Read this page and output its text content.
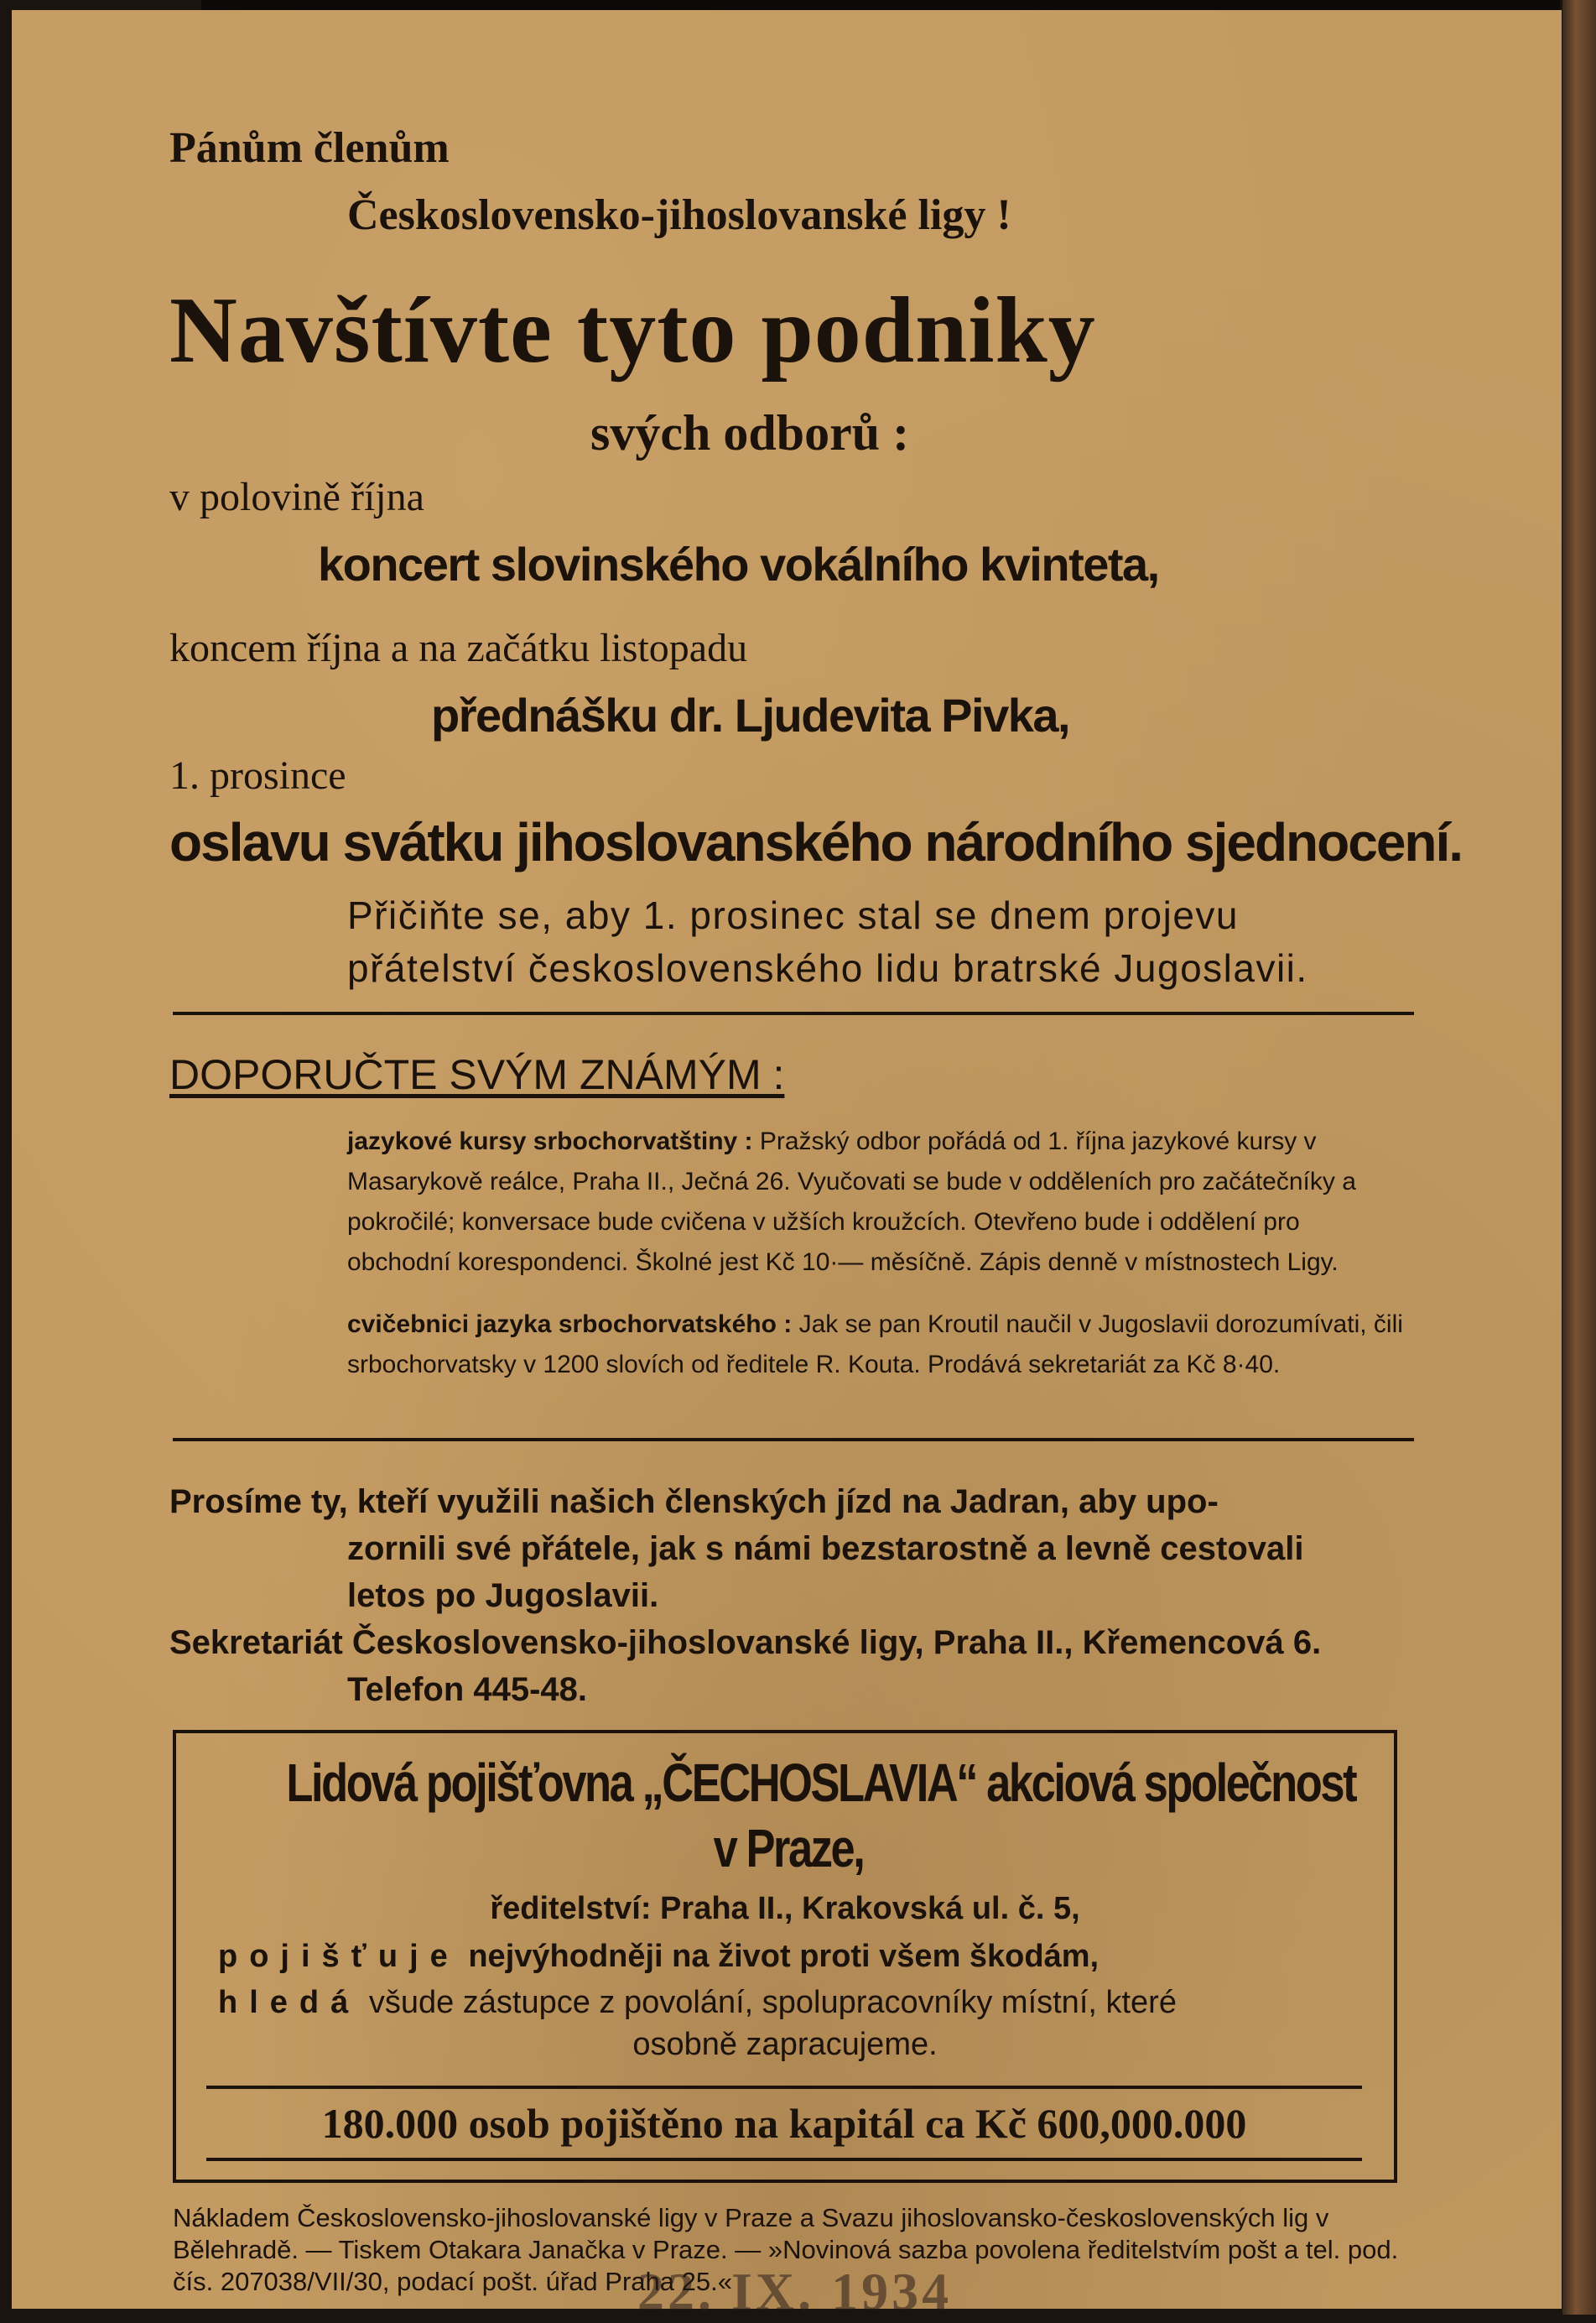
Pánům členům
Československo-jihoslovanské ligy !
Navštívte tyto podniky
svých odborů :
v polovině října
koncert slovinského vokálního kvinteta,
koncem října a na začátku listopadu
přednášku dr. Ljudevita Pivka,
1. prosince
oslavu svátku jihoslovanského národního sjednocení.
Přičiňte se, aby 1. prosinec stal se dnem projevu
přátelství československého lidu bratrské Jugoslavii.
DOPORUČTE SVÝM ZNÁMÝM :
jazykové kursy srbochorvatštiny : Pražský odbor pořádá od 1. října jazykové kursy v Masarykově reálce, Praha II., Ječná 26. Vyučovati se bude v odděleních pro začátečníky a pokročilé; konversace bude cvičena v užších kroužcích. Otevřeno bude i oddělení pro obchodní korespondenci. Školné jest Kč 10·— měsíčně. Zápis denně v místnostech Ligy.
cvičebnici jazyka srbochorvatského : Jak se pan Kroutil naučil v Jugoslavii dorozumívati, čili srbochorvatsky v 1200 slovích od ředitele R. Kouta. Prodává sekretariát za Kč 8·40.
Prosíme ty, kteří využili našich členských jízd na Jadran, aby upo-
zornili své přátele, jak s námi bezstarostně a levně cestovali
letos po Jugoslavii.
Sekretariát Československo-jihoslovanské ligy, Praha II., Křemencová 6.
Telefon 445-48.
Lidová pojišťovna „ČECHOSLAVIA“ akciová společnost
v Praze,
ředitelství: Praha II., Krakovská ul. č. 5,
pojišťuje nejvýhodněji na život proti všem škodám,
hledá všude zástupce z povolání, spolupracovníky místní, které
osobně zapracujeme.
180.000 osob pojištěno na kapitál ca Kč 600,000.000
Nákladem Československo-jihoslovanské ligy v Praze a Svazu jihoslovansko-československých lig v Bělehradě. — Tiskem Otakara Janačka v Praze. — »Novinová sazba povolena ředitelstvím pošt a tel. pod. čís. 207038/VII/30, podací pošt. úřad Praha 25.«
22. IX. 1934
